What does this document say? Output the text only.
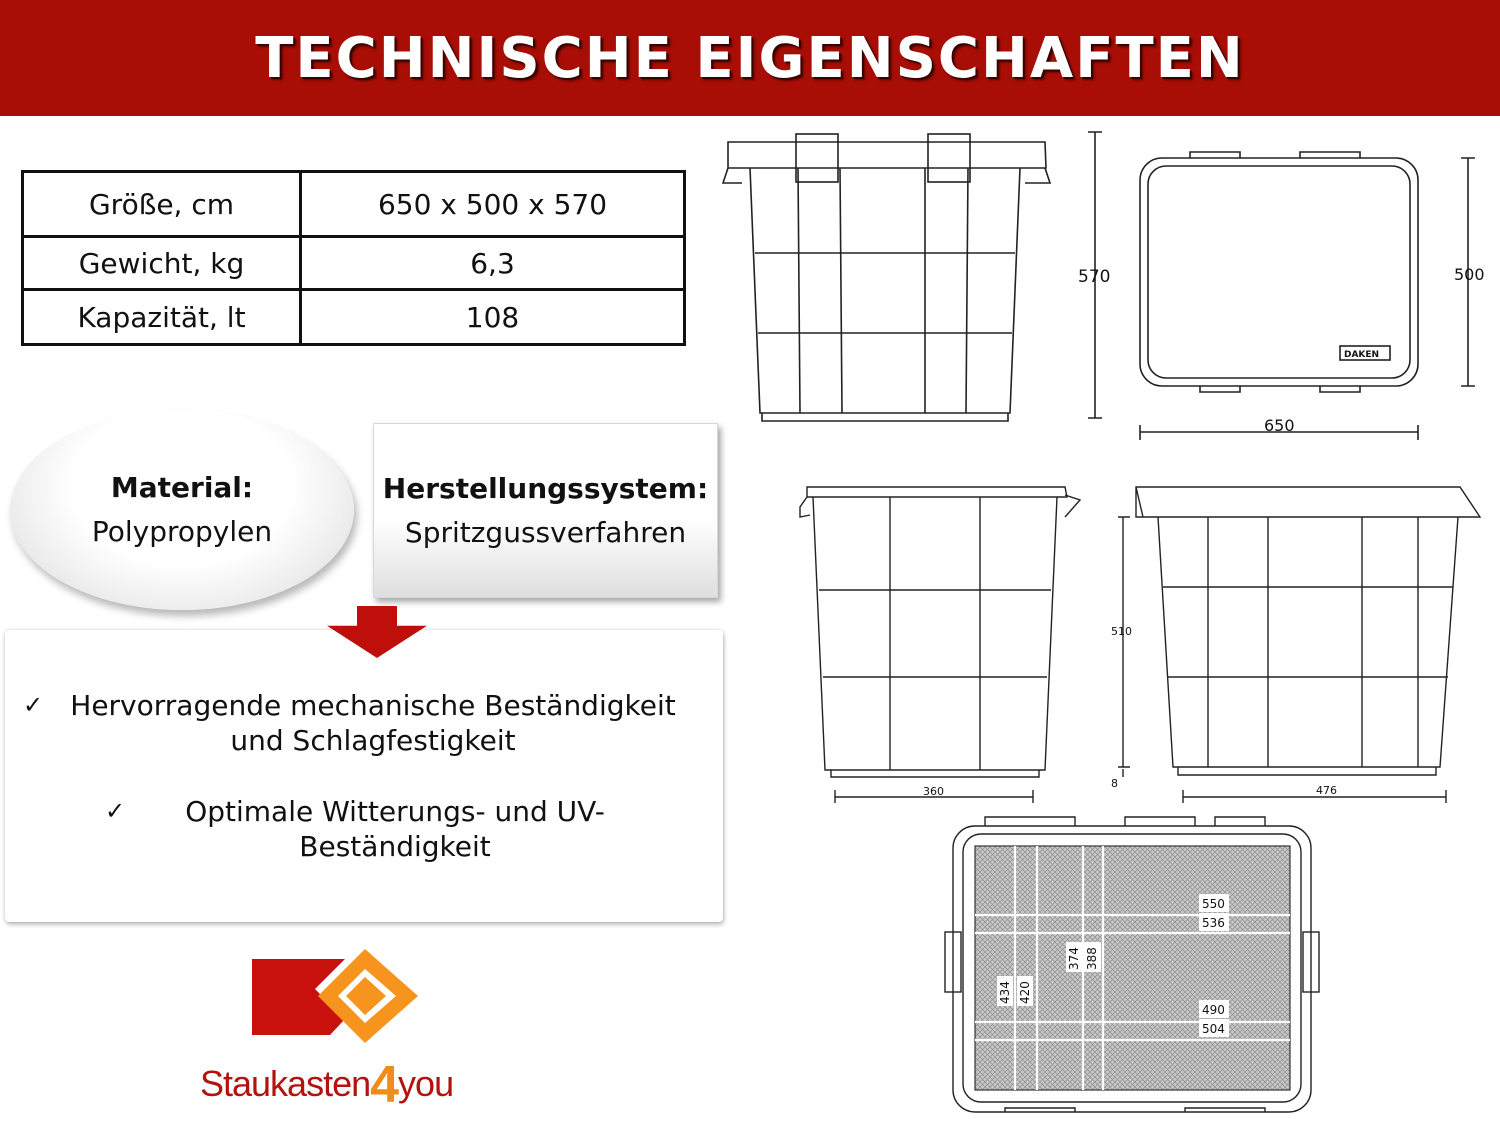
TECHNISCHE EIGENSCHAFTEN
Größe, cm	650 x 500 x 570
Gewicht, kg	6,3
Kapazität, lt	108
Material:
Polypropylen
Herstellungssystem:
Spritzgussverfahren
✓ Hervorragende mechanische Beständigkeit
und Schlagfestigkeit
✓	Optimale Witterungs- und UV-
Beständigkeit
Staukasten4you
570
DAKEN
650
500
360	476
510
8
550
536
490
504
374 388
434 420
